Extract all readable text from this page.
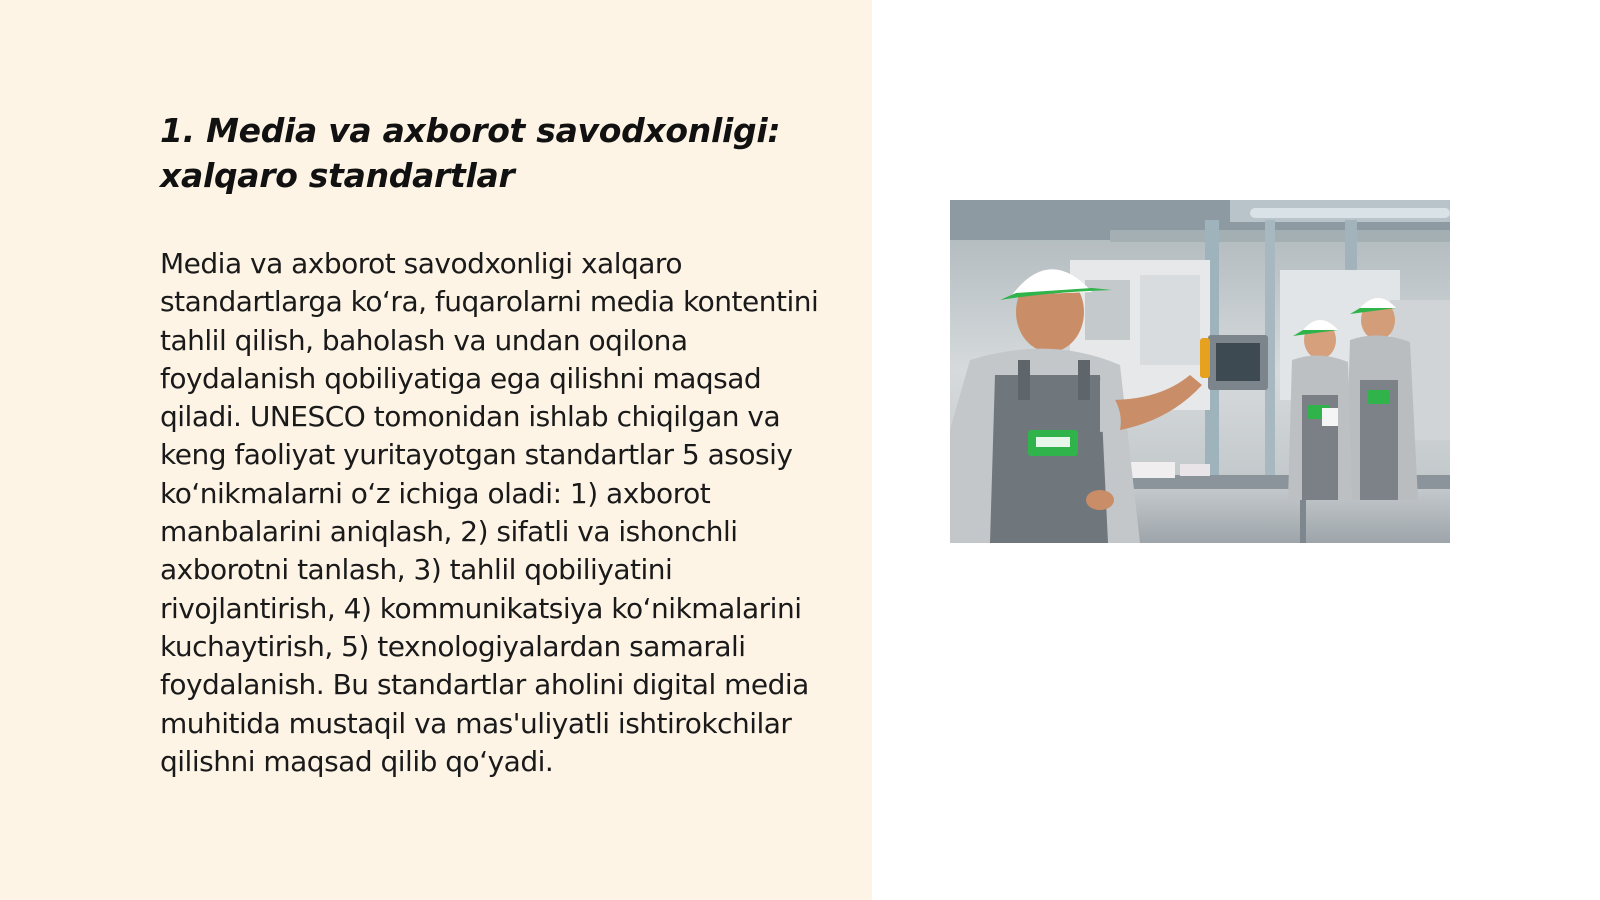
1. Media va axborot savodxonligi: xalqaro standartlar

Media va axborot savodxonligi xalqaro standartlarga ko‘ra, fuqarolarni media kontentini tahlil qilish, baholash va undan oqilona foydalanish qobiliyatiga ega qilishni maqsad qiladi. UNESCO tomonidan ishlab chiqilgan va keng faoliyat yuritayotgan standartlar 5 asosiy ko‘nikmalarni o‘z ichiga oladi: 1) axborot manbalarini aniqlash, 2) sifatli va ishonchli axborotni tanlash, 3) tahlil qobiliyatini rivojlantirish, 4) kommunikatsiya ko‘nikmalarini kuchaytirish, 5) texnologiyalardan samarali foydalanish. Bu standartlar aholini digital media muhitida mustaqil va mas'uliyatli ishtirokchilar qilishni maqsad qilib qo‘yadi.
